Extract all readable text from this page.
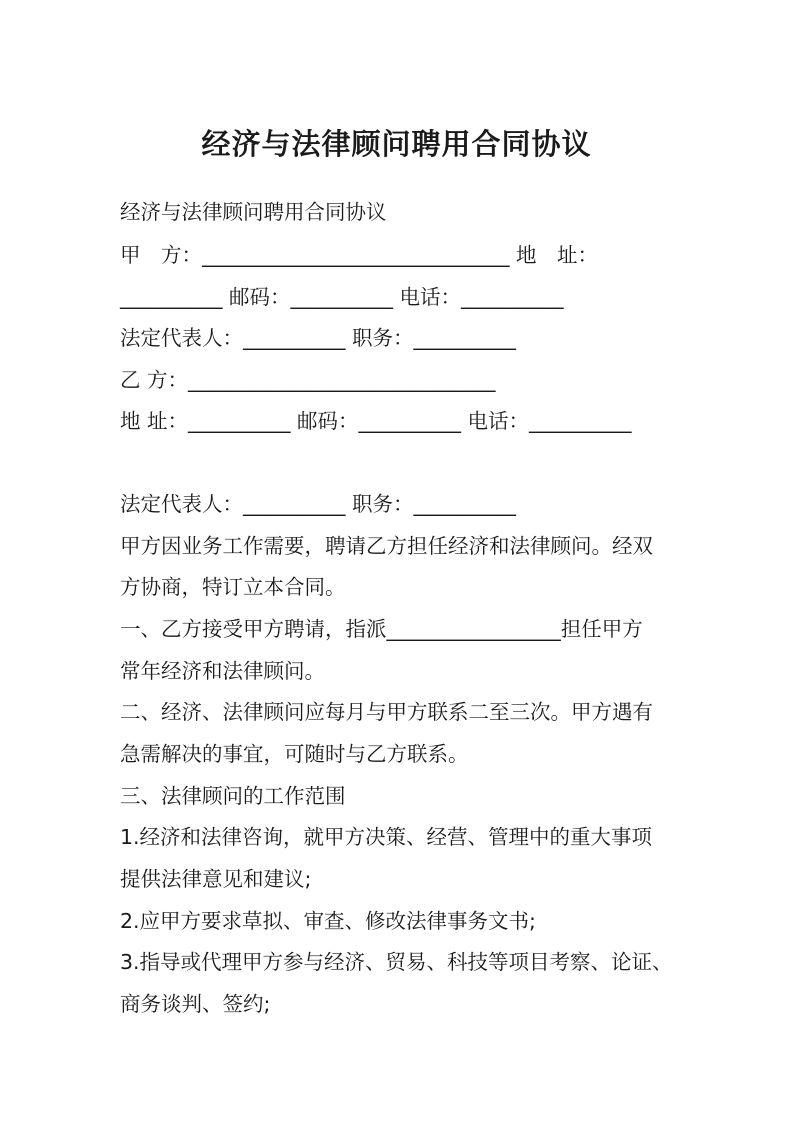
经济与法律顾问聘用合同协议
经济与法律顾问聘用合同协议
甲　方：______________________________ 地　址：
__________ 邮码：__________ 电话：__________
法定代表人：__________ 职务：__________
乙 方：______________________________
地 址：__________ 邮码：__________ 电话：__________
法定代表人：__________ 职务：__________
甲方因业务工作需要，聘请乙方担任经济和法律顾问。经双
方协商，特订立本合同。
一、乙方接受甲方聘请，指派_________________担任甲方
常年经济和法律顾问。
二、经济、法律顾问应每月与甲方联系二至三次。甲方遇有
急需解决的事宜，可随时与乙方联系。
三、法律顾问的工作范围
1.经济和法律咨询，就甲方决策、经营、管理中的重大事项
提供法律意见和建议;
2.应甲方要求草拟、审查、修改法律事务文书;
3.指导或代理甲方参与经济、贸易、科技等项目考察、论证、
商务谈判、签约;
